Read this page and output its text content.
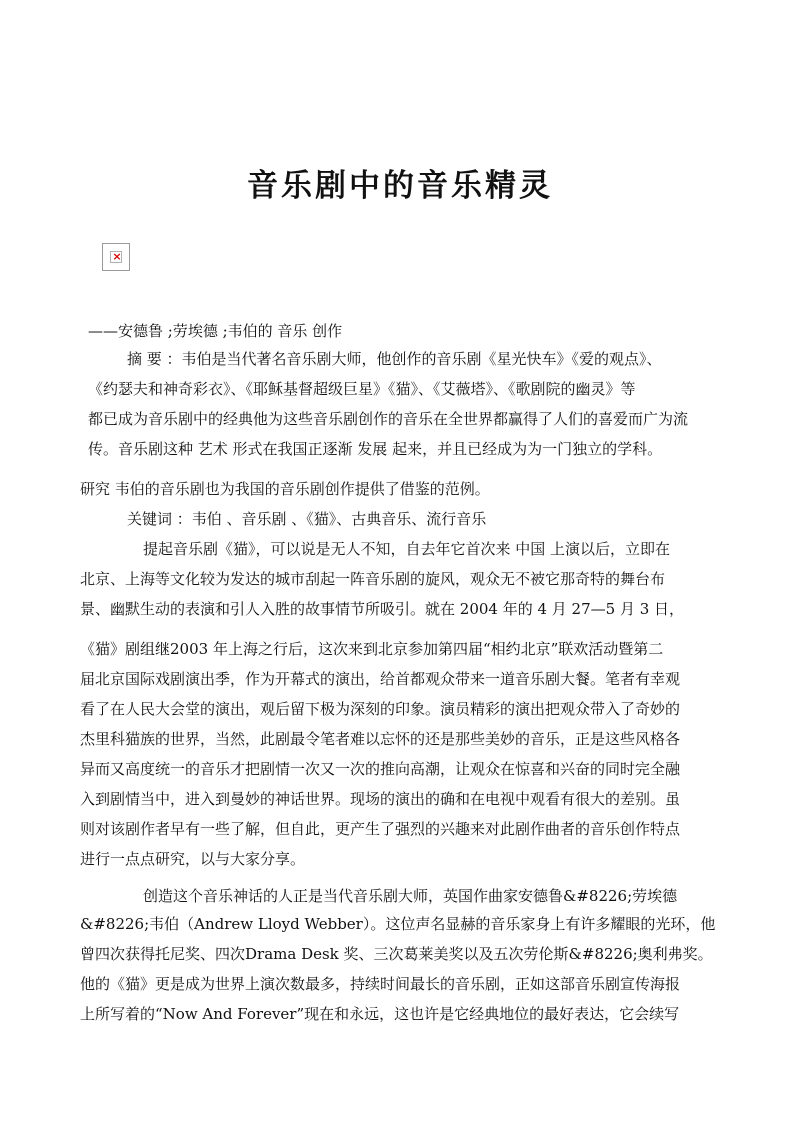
音乐剧中的音乐精灵
×
——安德鲁 ;劳埃德 ;韦伯的 音乐 创作
摘 要 ：韦伯是当代著名音乐剧大师，他创作的音乐剧《星光快车》《爱的观点》、
《约瑟夫和神奇彩衣》、《耶稣基督超级巨星》《猫》、《艾薇塔》、《歌剧院的幽灵》等
都已成为音乐剧中的经典他为这些音乐剧创作的音乐在全世界都赢得了人们的喜爱而广为流
传。音乐剧这种 艺术 形式在我国正逐渐 发展 起来，并且已经成为为一门独立的学科。
研究 韦伯的音乐剧也为我国的音乐剧创作提供了借鉴的范例。
关键词 ：韦伯 、音乐剧 、《猫》、古典音乐、流行音乐
提起音乐剧《猫》，可以说是无人不知，自去年它首次来 中国 上演以后，立即在
北京、上海等文化较为发达的城市刮起一阵音乐剧的旋风，观众无不被它那奇特的舞台布
景、幽默生动的表演和引人入胜的故事情节所吸引。就在 2004 年的 4 月 27—5 月 3 日，
《猫》剧组继2003 年上海之行后，这次来到北京参加第四届“相约北京”联欢活动暨第二
届北京国际戏剧演出季，作为开幕式的演出，给首都观众带来一道音乐剧大餐。笔者有幸观
看了在人民大会堂的演出，观后留下极为深刻的印象。演员精彩的演出把观众带入了奇妙的
杰里科猫族的世界，当然，此剧最令笔者难以忘怀的还是那些美妙的音乐，正是这些风格各
异而又高度统一的音乐才把剧情一次又一次的推向高潮，让观众在惊喜和兴奋的同时完全融
入到剧情当中，进入到曼妙的神话世界。现场的演出的确和在电视中观看有很大的差别。虽
则对该剧作者早有一些了解，但自此，更产生了强烈的兴趣来对此剧作曲者的音乐创作特点
进行一点点研究，以与大家分享。
创造这个音乐神话的人正是当代音乐剧大师，英国作曲家安德鲁&#8226;劳埃德
&#8226;韦伯（Andrew Lloyd Webber）。这位声名显赫的音乐家身上有许多耀眼的光环，他
曾四次获得托尼奖、四次Drama Desk 奖、三次葛莱美奖以及五次劳伦斯&#8226;奥利弗奖。
他的《猫》更是成为世界上演次数最多，持续时间最长的音乐剧，正如这部音乐剧宣传海报
上所写着的“Now And Forever”现在和永远，这也许是它经典地位的最好表达，它会续写
